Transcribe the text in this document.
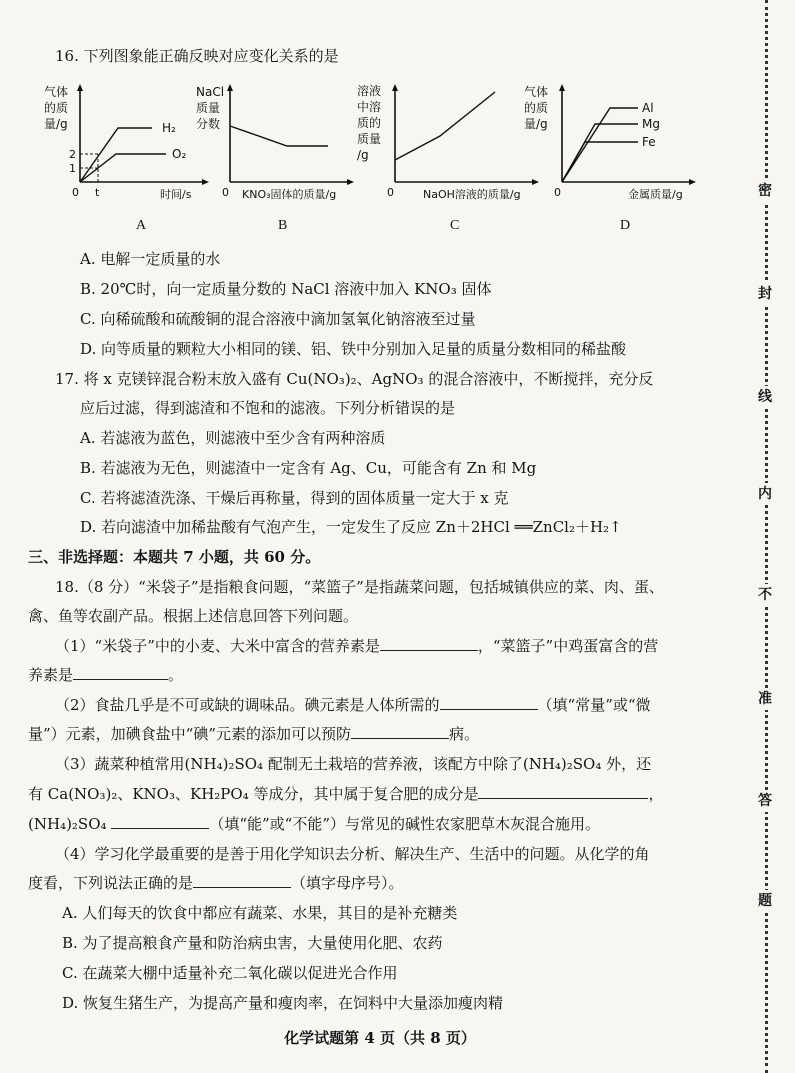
16. 下列图象能正确反映对应变化关系的是
气体
的质
量/g	H₂
O₂
2
1
0 t	时间/s
A
NaCl
质量
分数
0 KNO₃固体的质量/g
B
溶液
中溶
质的
质量
/g
0	NaOH溶液的质量/g
C
气体
的质
量/g
Al
Mg
Fe
0	金属质量/g
D
A. 电解一定质量的水
B. 20℃时，向一定质量分数的 NaCl 溶液中加入 KNO₃ 固体
C. 向稀硫酸和硫酸铜的混合溶液中滴加氢氧化钠溶液至过量
D. 向等质量的颗粒大小相同的镁、铝、铁中分别加入足量的质量分数相同的稀盐酸
17. 将 x 克镁锌混合粉末放入盛有 Cu(NO₃)₂、AgNO₃ 的混合溶液中，不断搅拌，充分反
应后过滤，得到滤渣和不饱和的滤液。下列分析错误的是
A. 若滤液为蓝色，则滤液中至少含有两种溶质
B. 若滤液为无色，则滤渣中一定含有 Ag、Cu，可能含有 Zn 和 Mg
C. 若将滤渣洗涤、干燥后再称量，得到的固体质量一定大于 x 克
D. 若向滤渣中加稀盐酸有气泡产生，一定发生了反应 Zn＋2HCl ══ZnCl₂＋H₂↑
三、非选择题：本题共 7 小题，共 60 分。
18.（8 分）“米袋子”是指粮食问题，“菜篮子”是指蔬菜问题，包括城镇供应的菜、肉、蛋、
禽、鱼等农副产品。根据上述信息回答下列问题。
（1）“米袋子”中的小麦、大米中富含的营养素是	，“菜篮子”中鸡蛋富含的营
养素是	。
（2）食盐几乎是不可或缺的调味品。碘元素是人体所需的	（填“常量”或“微
量”）元素，加碘食盐中“碘”元素的添加可以预防	病。
（3）蔬菜种植常用(NH₄)₂SO₄ 配制无土栽培的营养液，该配方中除了(NH₄)₂SO₄ 外，还
有 Ca(NO₃)₂、KNO₃、KH₂PO₄ 等成分，其中属于复合肥的成分是	，
(NH₄)₂SO₄	（填“能”或“不能”）与常见的碱性农家肥草木灰混合施用。
（4）学习化学最重要的是善于用化学知识去分析、解决生产、生活中的问题。从化学的角
度看，下列说法正确的是	（填字母序号）。
A. 人们每天的饮食中都应有蔬菜、水果，其目的是补充糖类
B. 为了提高粮食产量和防治病虫害，大量使用化肥、农药
C. 在蔬菜大棚中适量补充二氧化碳以促进光合作用
D. 恢复生猪生产，为提高产量和瘦肉率，在饲料中大量添加瘦肉精
化学试题第 4 页（共 8 页）
密
封
线
内
不
准
答
题
